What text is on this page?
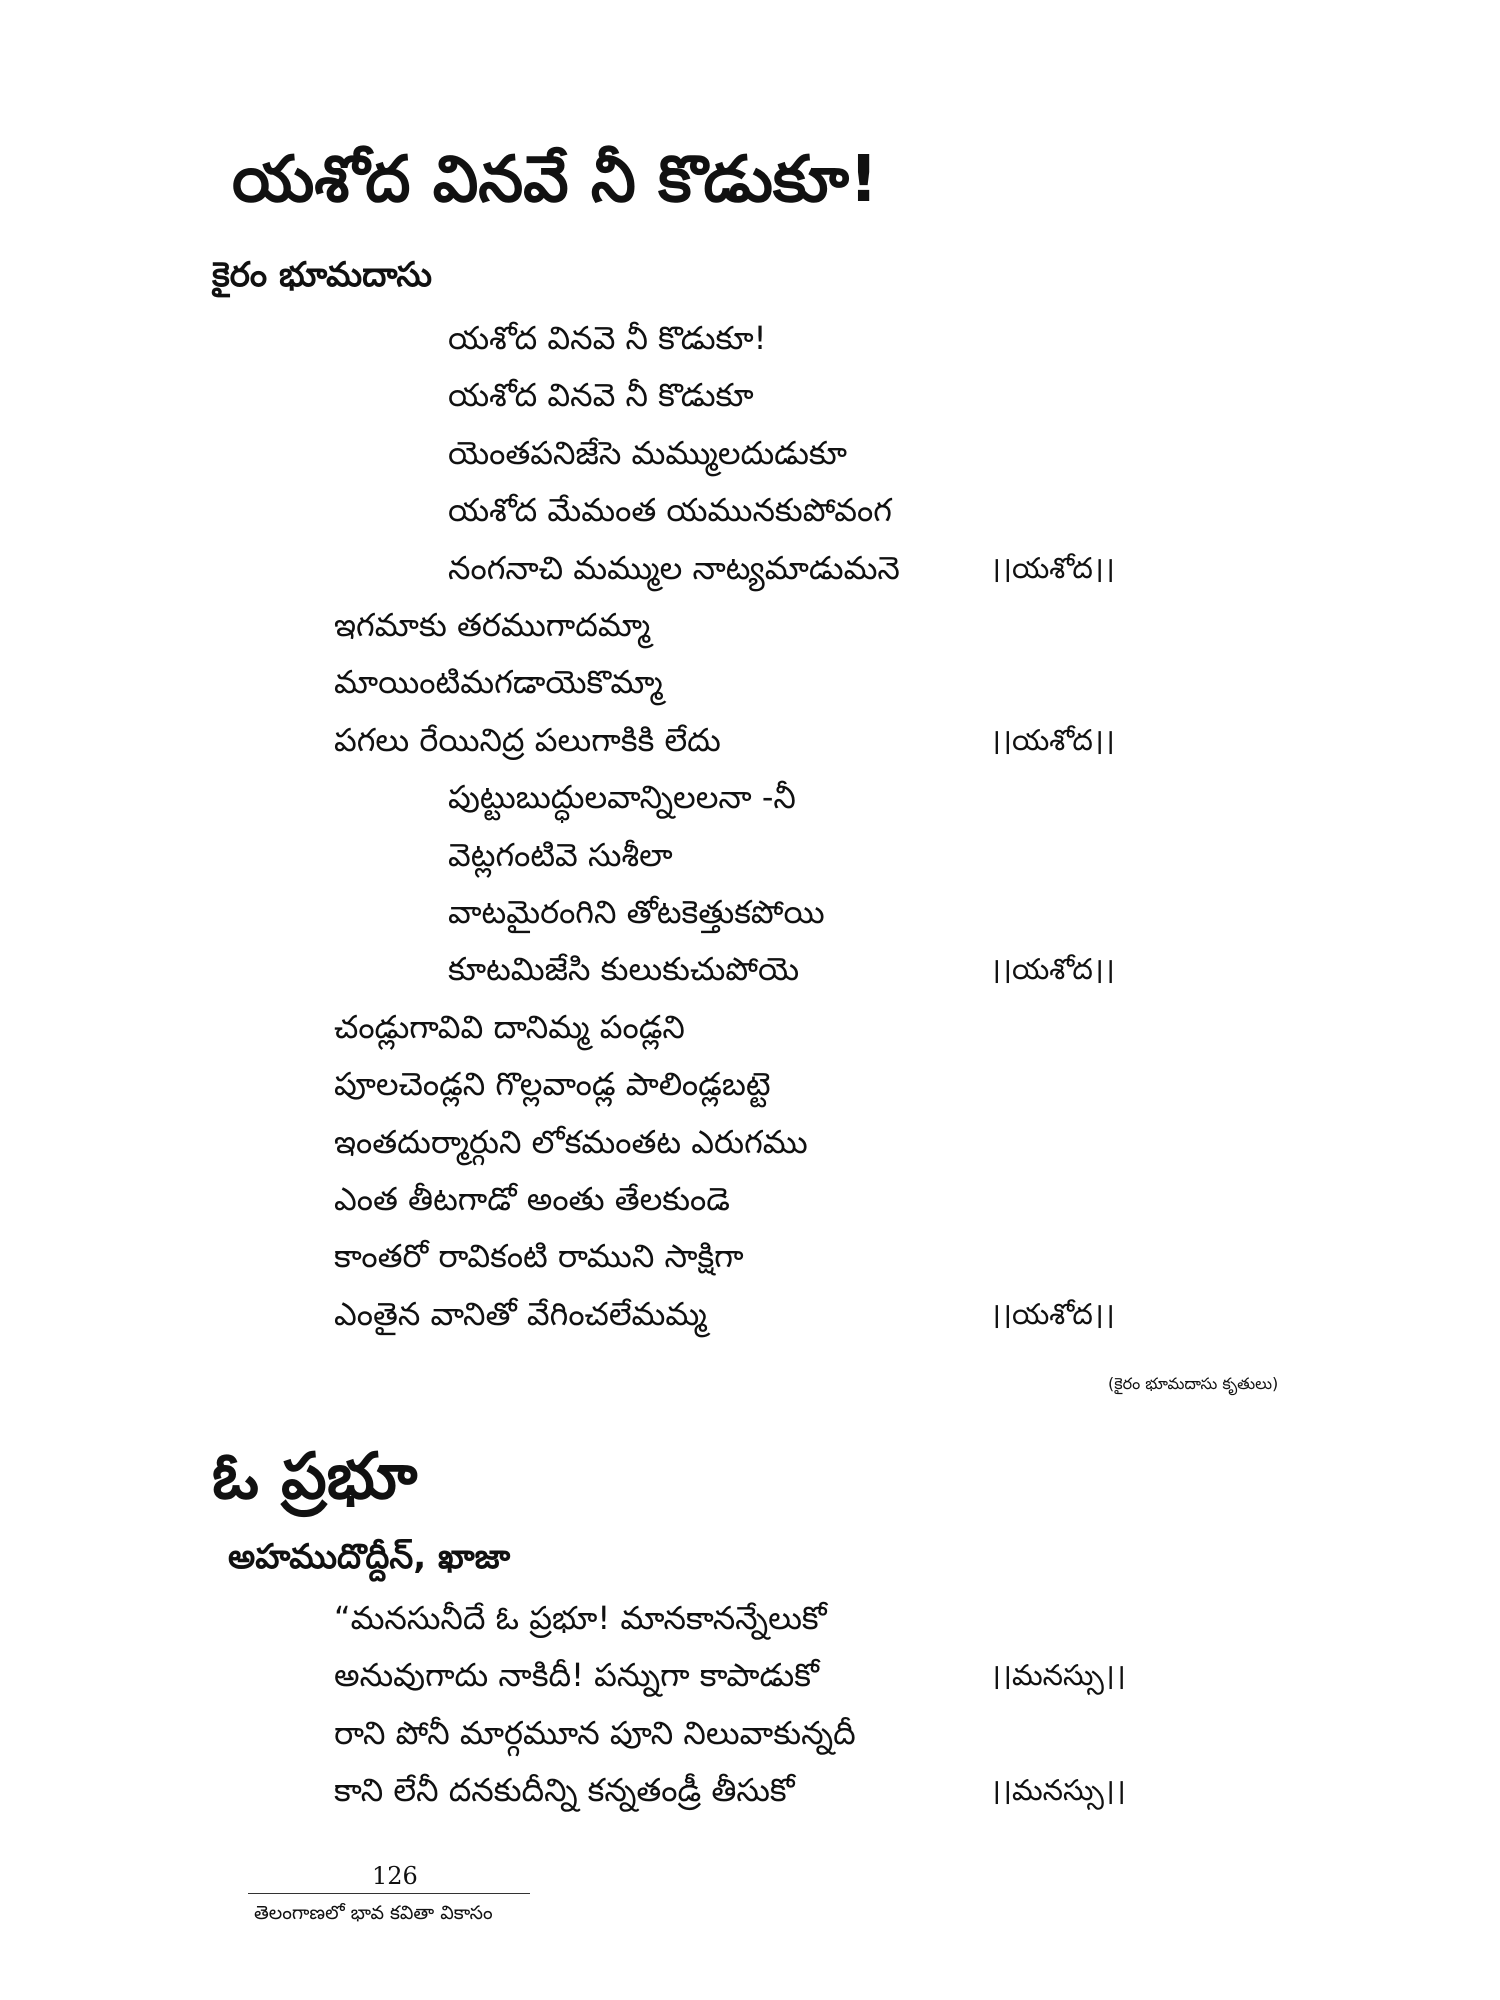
యశోద వినవే నీ కొడుకూ!
కైరం భూమదాసు
యశోద వినవె నీ కొడుకూ!
యశోద వినవె నీ కొడుకూ
యెంతపనిజేసె మమ్ములదుడుకూ
యశోద మేమంత యమునకుపోవంగ
నంగనాచి మమ్ముల నాట్యమాడుమనె	।।యశోద।।
ఇగమాకు తరముగాదమ్మా
మాయింటిమగడాయెకొమ్మా
పగలు రేయినిద్ర పలుగాకికి లేదు	।।యశోద।।
పుట్టుబుద్ధులవాన్నిలలనా -నీ
వెట్లగంటివె సుశీలా
వాటమైరంగిని తోటకెత్తుకపోయి
కూటమిజేసి కులుకుచుపోయె	।।యశోద।।
చండ్లుగావివి దానిమ్మ పండ్లని
పూలచెండ్లని గొల్లవాండ్ల పాలిండ్లబట్టె
ఇంతదుర్మార్గుని లోకమంతట ఎరుగము
ఎంత తీటగాడో అంతు తేలకుండె
కాంతరో రావికంటి రాముని సాక్షిగా
ఎంతైన వానితో వేగించలేమమ్మ	।।యశోద।।
(కైరం భూమదాసు కృతులు)
ఓ ప్రభూ
అహముదొద్దీన్, ఖాజా
“మనసునీదే ఓ ప్రభూ! మానకానన్నేలుకో
అనువుగాదు నాకిదీ! పన్నుగా కాపాడుకో	।।మనస్సు।।
రాని పోనీ మార్గమూన పూని నిలువాకున్నదీ
కాని లేనీ దనకుదీన్ని కన్నతండ్రీ తీసుకో	।।మనస్సు।।
126
తెలంగాణలో భావ కవితా వికాసం
